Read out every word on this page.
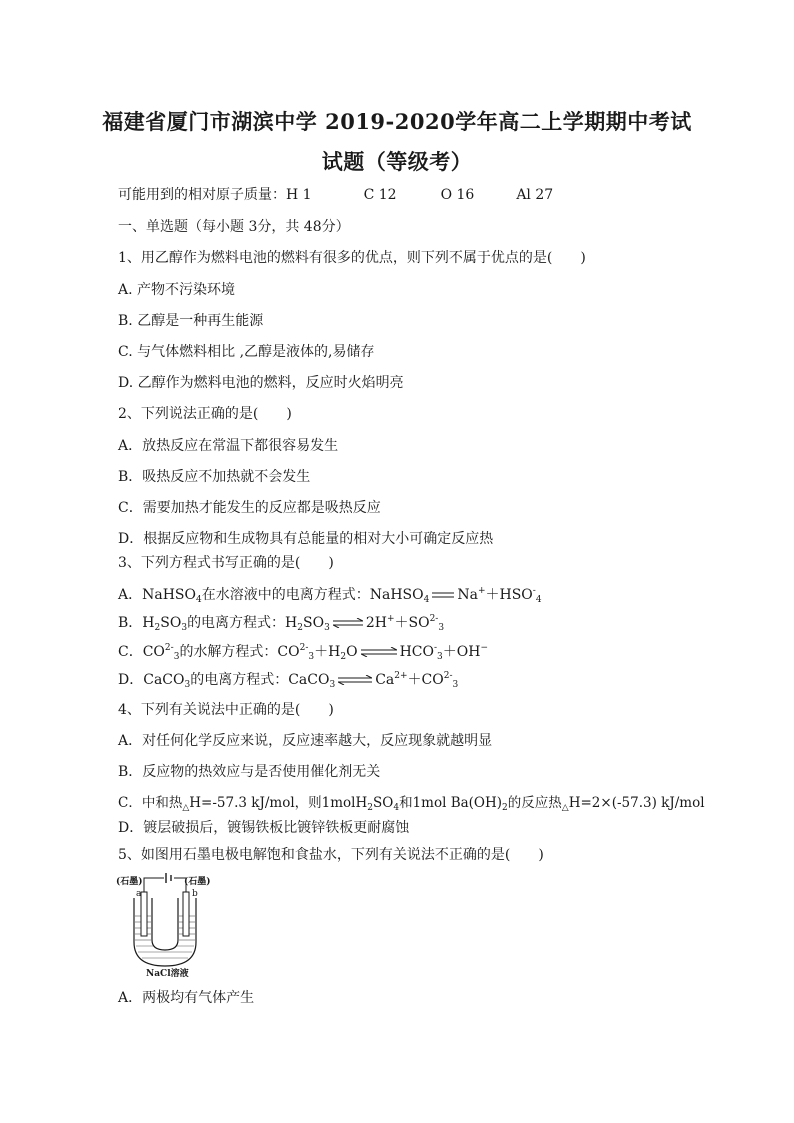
福建省厦门市湖滨中学 2019-2020学年高二上学期期中考试
试题（等级考）
可能用到的相对原子质量：H 1	C 12	O 16	Al 27
一、单选题（每小题 3分，共 48分）
1、用乙醇作为燃料电池的燃料有很多的优点，则下列不属于优点的是(　　)
A. 产物不污染环境
B. 乙醇是一种再生能源
C. 与气体燃料相比 ,乙醇是液体的,易储存
D. 乙醇作为燃料电池的燃料，反应时火焰明亮
2、下列说法正确的是(　　)
A．放热反应在常温下都很容易发生
B．吸热反应不加热就不会发生
C．需要加热才能发生的反应都是吸热反应
D．根据反应物和生成物具有总能量的相对大小可确定反应热
3、下列方程式书写正确的是(　　)
A．NaHSO$_4$在水溶液中的电离方程式：NaHSO$_4$ $Na^++HSO^-_4$
B．$H_2SO_3$的电离方程式：$H_2SO_3$ ⇌ $2H^++SO^{2-}_3$
C．$CO^{2-}_3$的水解方程式：$CO^{2-}_3+H_2O$ ⇌ $HCO^-_3+OH^-$
D．CaCO$_3$的电离方程式：CaCO$_3$ ⇌ $Ca^{2+}+CO^{2-}_3$
4、下列有关说法中正确的是(　　)
A．对任何化学反应来说，反应速率越大，反应现象就越明显
B．反应物的热效应与是否使用催化剂无关
C．中和热$_\triangle$H=-57.3 kJ/mol，则$1molH_2SO_4$和1mol $Ba(OH)_2$的反应热$_\triangle$H=2×(-57.3) kJ/mol
D．镀层破损后，镀锡铁板比镀锌铁板更耐腐蚀
5、如图用石墨电极电解饱和食盐水，下列有关说法不正确的是(　　)
(石墨)	(石墨)
a	b
NaCl溶液
A．两极均有气体产生
